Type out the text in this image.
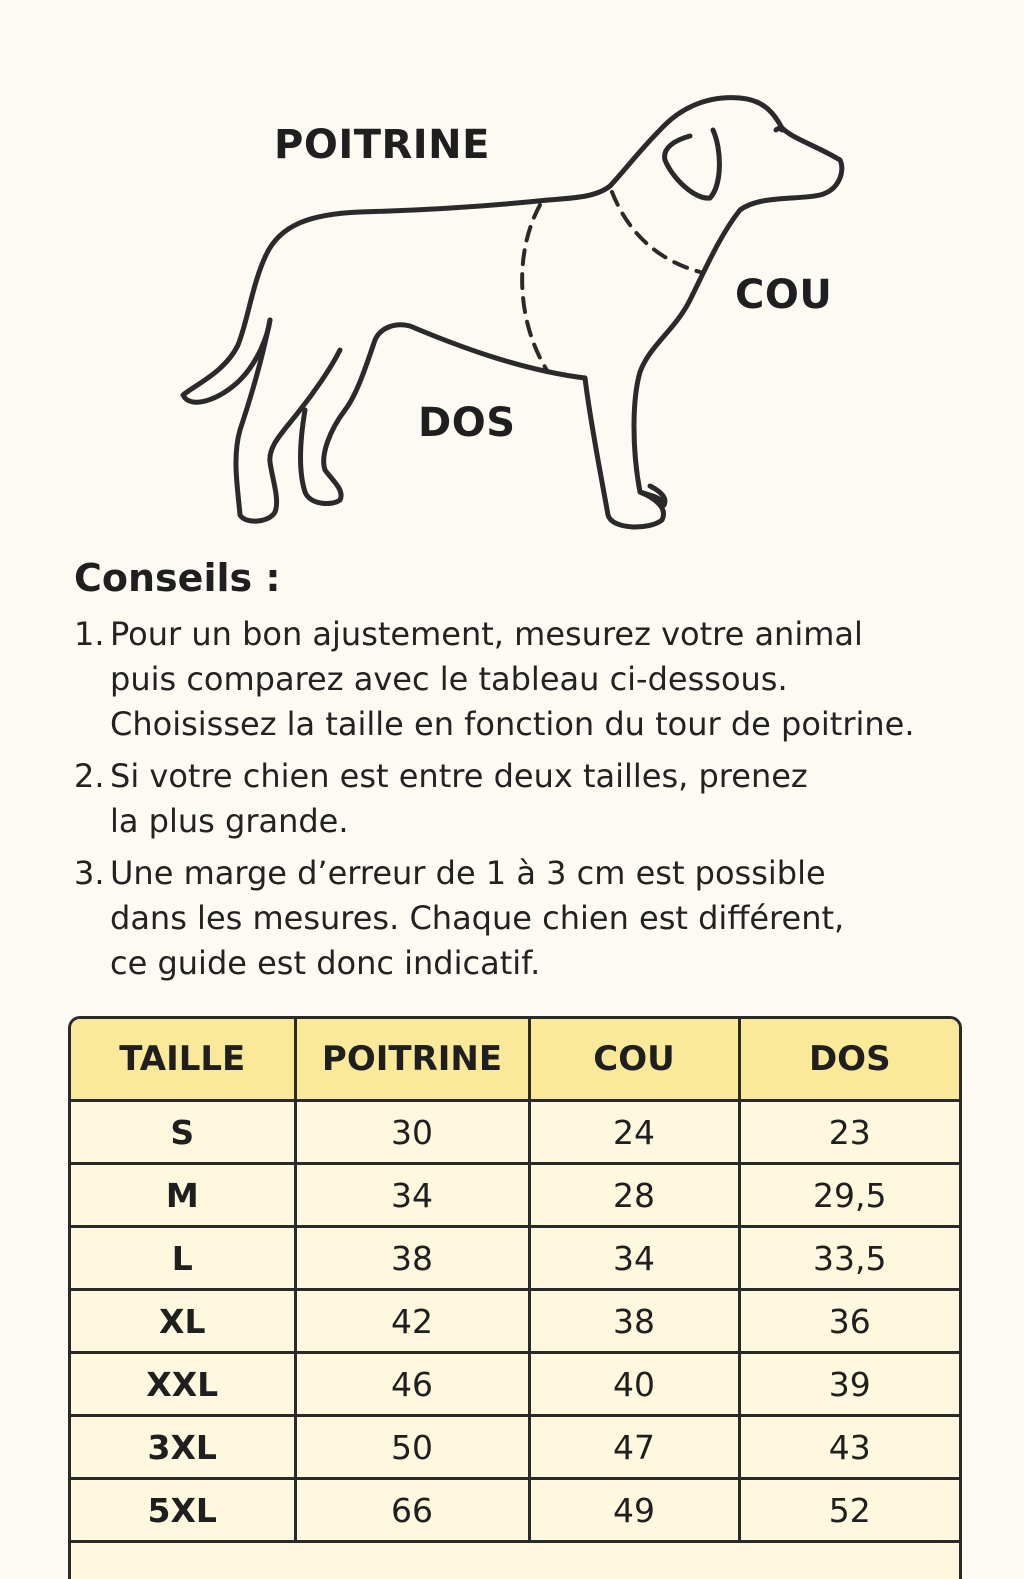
POITRINE
COU
DOS
Conseils :
1. Pour un bon ajustement, mesurez votre animal
puis comparez avec le tableau ci-dessous.
Choisissez la taille en fonction du tour de poitrine.
2. Si votre chien est entre deux tailles, prenez
la plus grande.
3. Une marge d’erreur de 1 à 3 cm est possible
dans les mesures. Chaque chien est différent,
ce guide est donc indicatif.
TAILLE	POITRINE	COU	DOS
S	30	24	23
M	34	28	29,5
L	38	34	33,5
XL	42	38	36
XXL	46	40	39
3XL	50	47	43
5XL	66	49	52
